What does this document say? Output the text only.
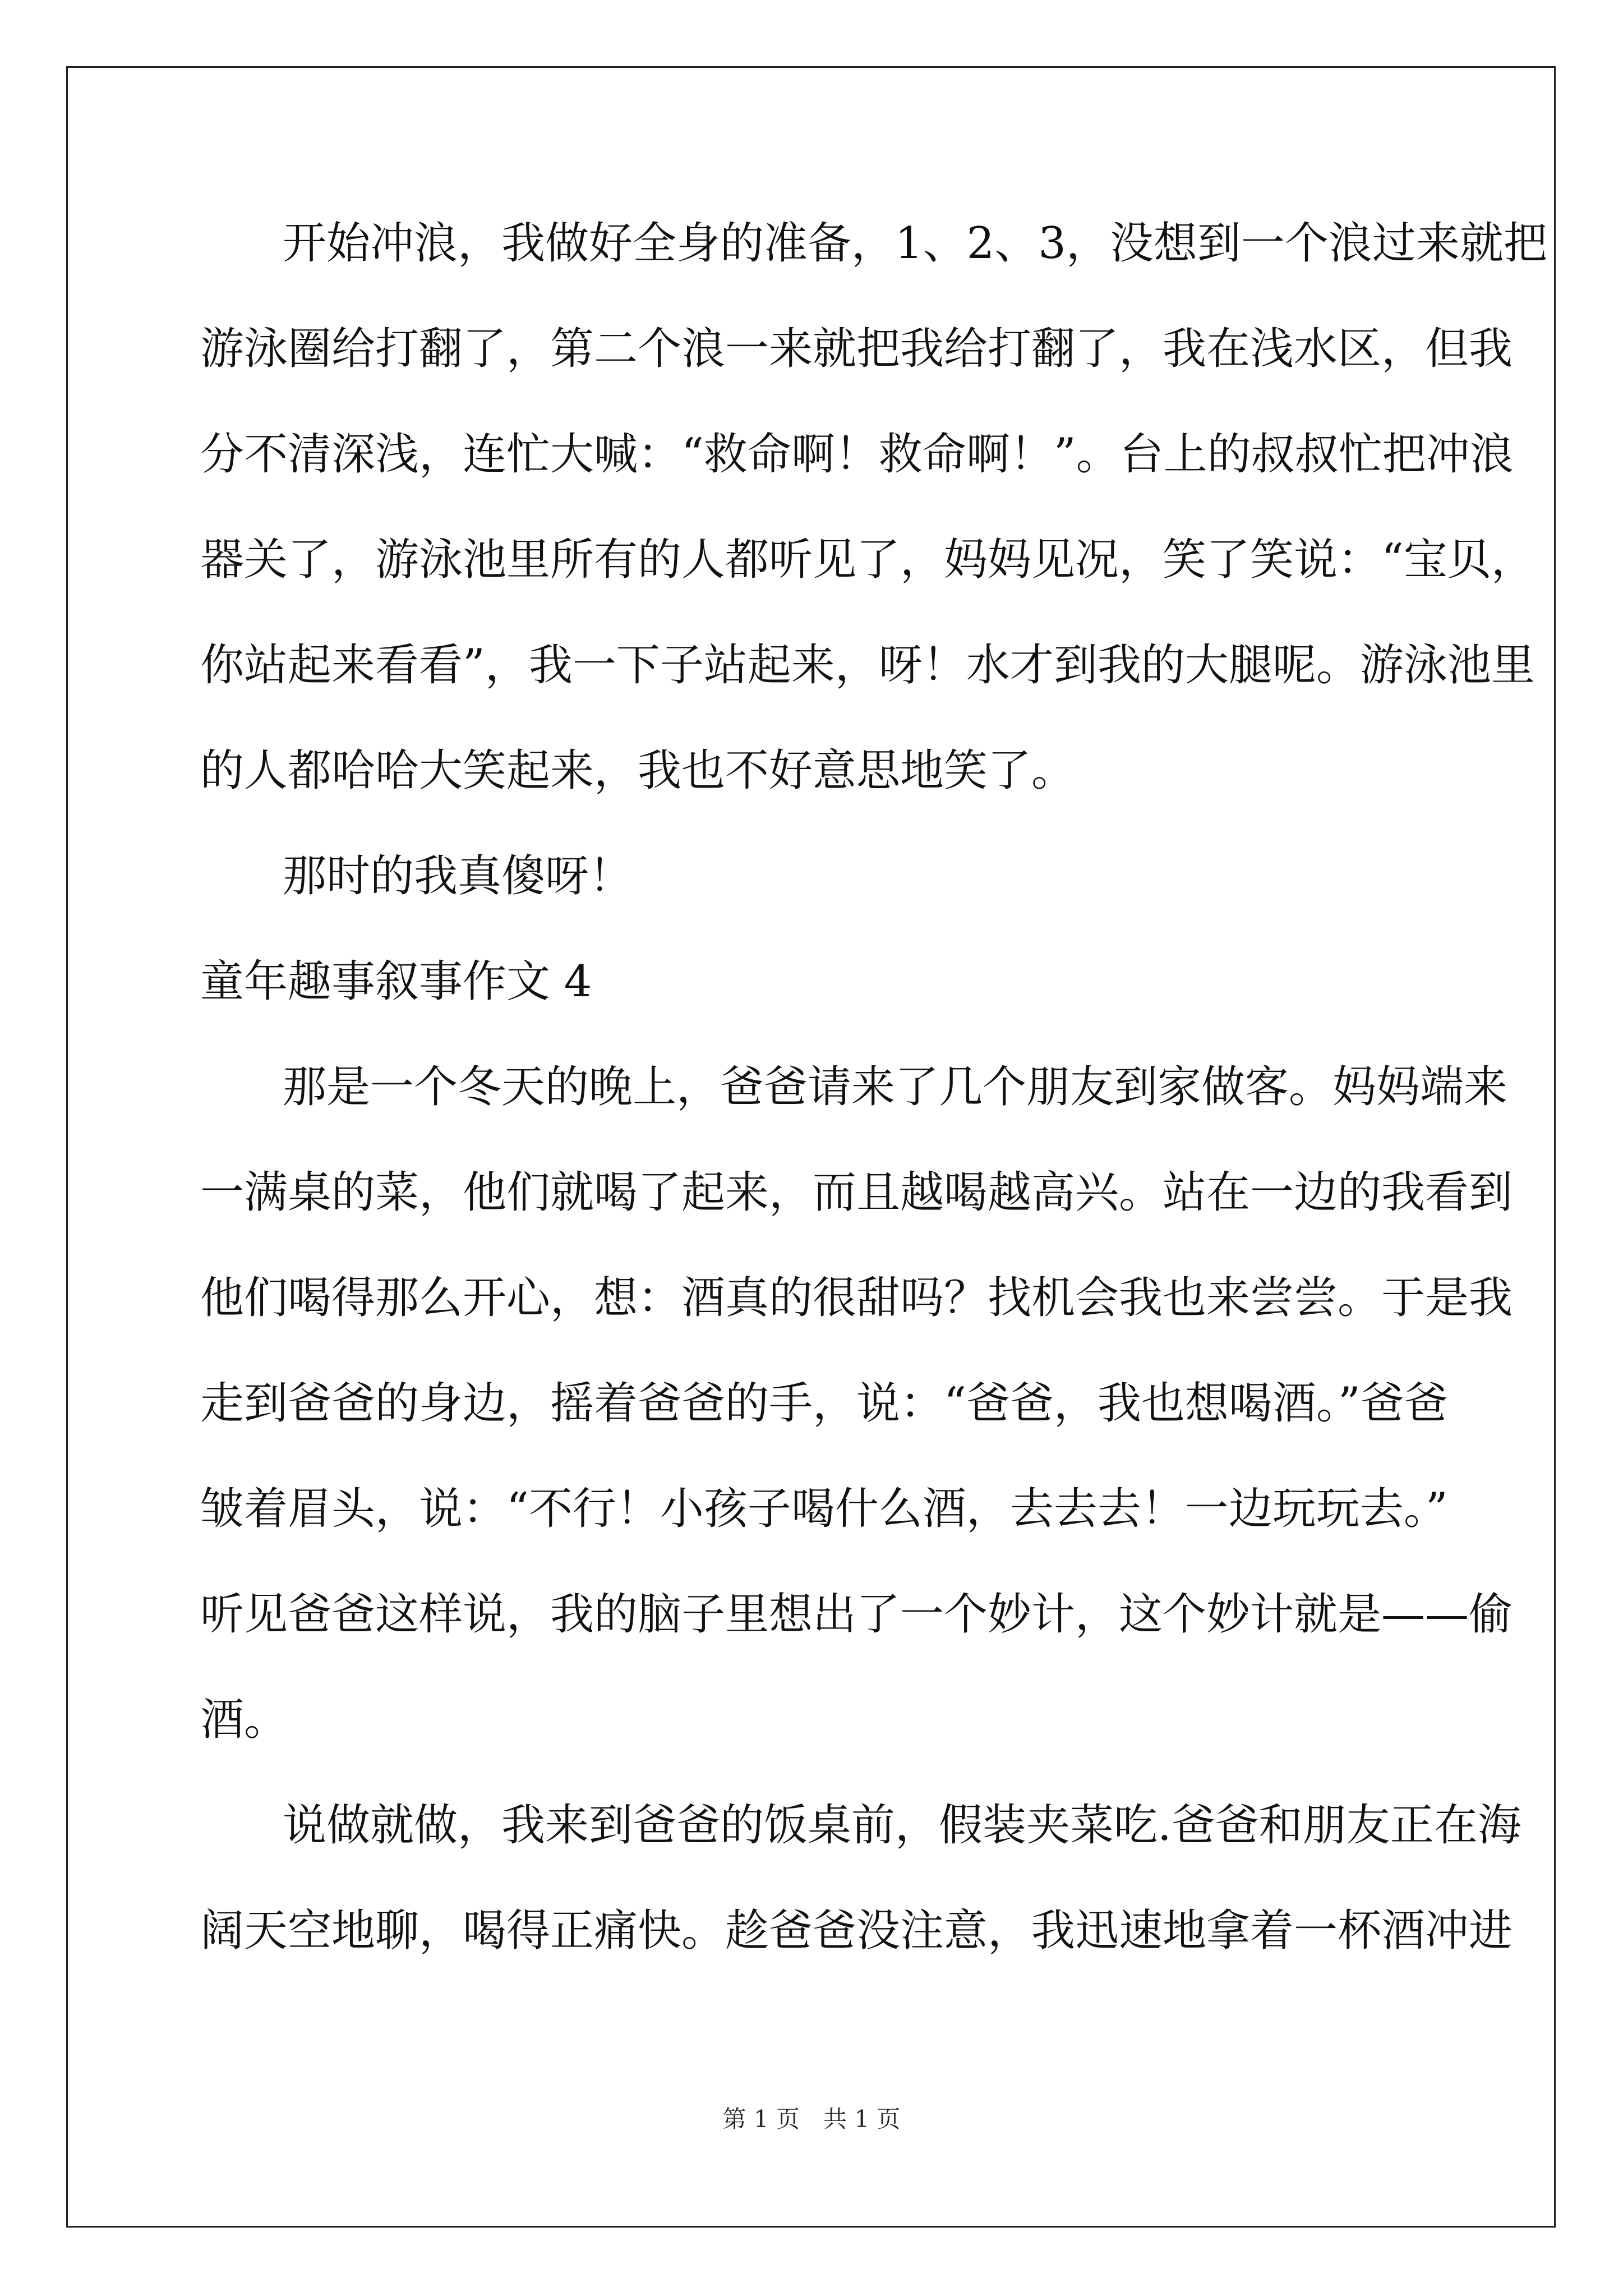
开始冲浪，我做好全身的准备，1、2、3，没想到一个浪过来就把
游泳圈给打翻了，第二个浪一来就把我给打翻了，我在浅水区，但我
分不清深浅，连忙大喊：“救命啊！救命啊！”。台上的叔叔忙把冲浪
器关了，游泳池里所有的人都听见了，妈妈见况，笑了笑说：“宝贝，
你站起来看看”，我一下子站起来，呀！水才到我的大腿呢。游泳池里
的人都哈哈大笑起来，我也不好意思地笑了。
那时的我真傻呀！
童年趣事叙事作文 4
那是一个冬天的晚上，爸爸请来了几个朋友到家做客。妈妈端来
一满桌的菜，他们就喝了起来，而且越喝越高兴。站在一边的我看到
他们喝得那么开心，想：酒真的很甜吗？找机会我也来尝尝。于是我
走到爸爸的身边，摇着爸爸的手，说：“爸爸，我也想喝酒。”爸爸
皱着眉头，说：“不行！小孩子喝什么酒，去去去！一边玩玩去。”
听见爸爸这样说，我的脑子里想出了一个妙计，这个妙计就是——偷
酒。
说做就做，我来到爸爸的饭桌前，假装夹菜吃.爸爸和朋友正在海
阔天空地聊，喝得正痛快。趁爸爸没注意，我迅速地拿着一杯酒冲进
第 1 页　共 1 页
